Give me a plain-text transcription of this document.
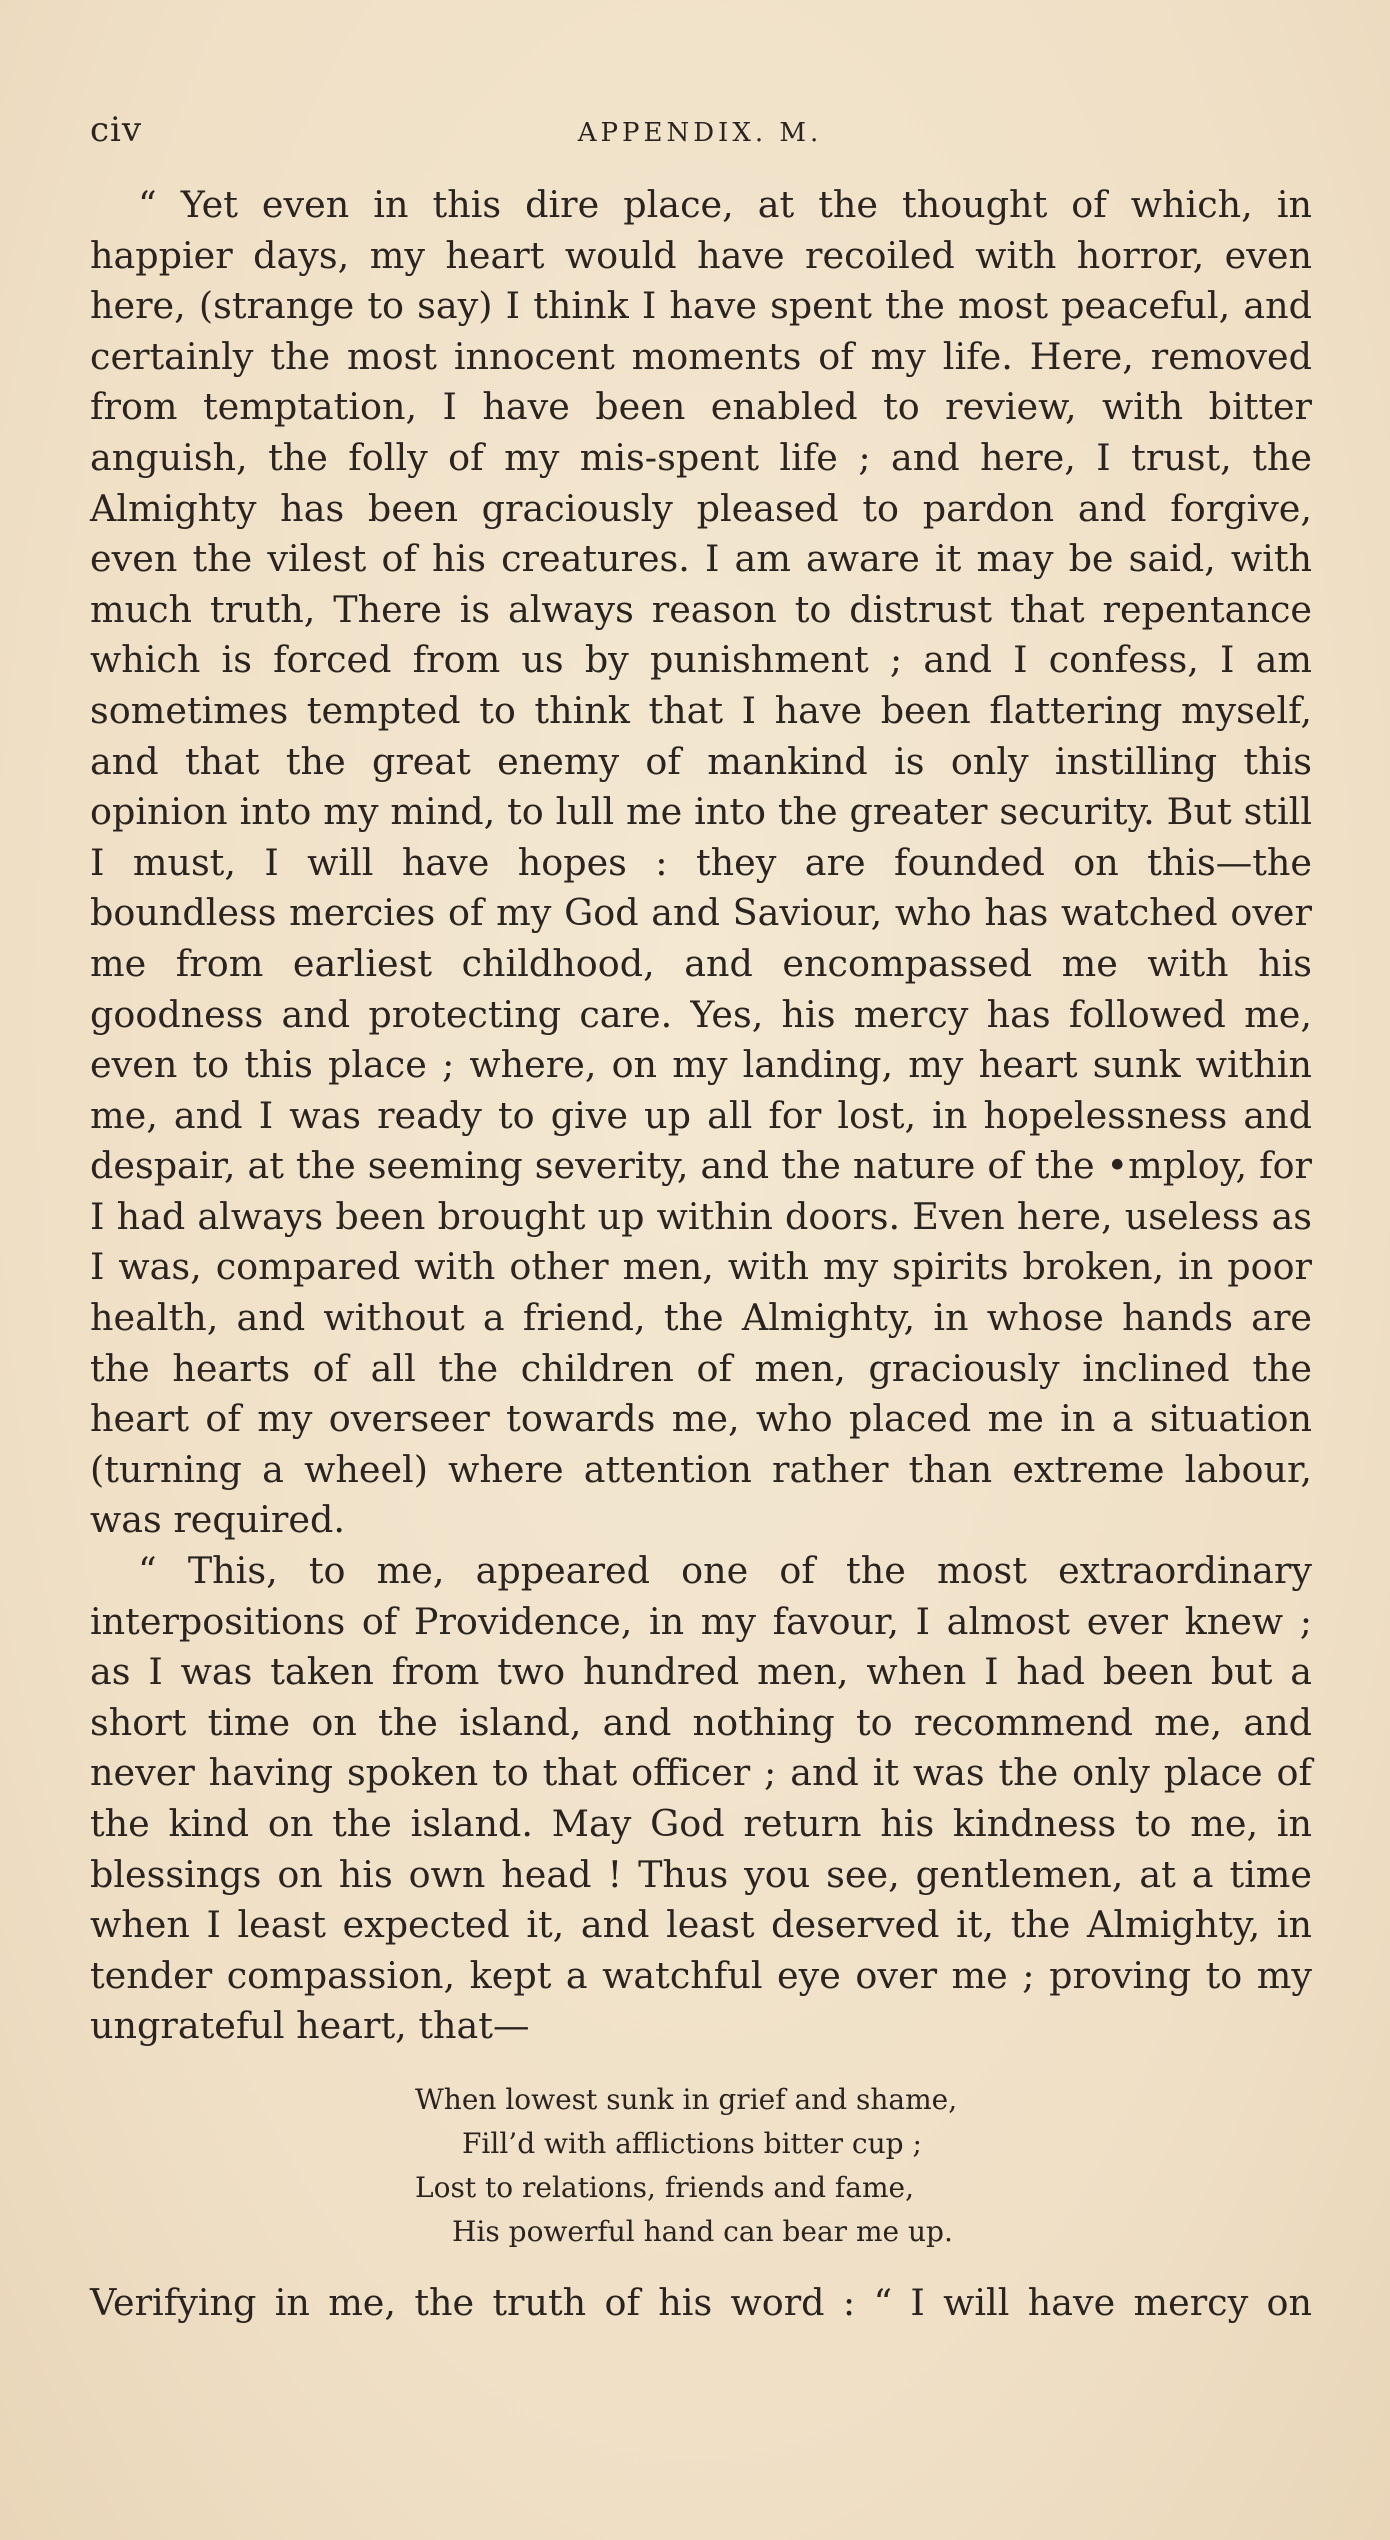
civ	APPENDIX. M.

“ Yet even in this dire place, at the thought of which, in happier days, my heart would have recoiled with horror, even here, (strange to say) I think I have spent the most peaceful, and certainly the most innocent moments of my life. Here, removed from temptation, I have been enabled to review, with bitter anguish, the folly of my mis-spent life ; and here, I trust, the Almighty has been graciously pleased to pardon and forgive, even the vilest of his creatures. I am aware it may be said, with much truth, There is always reason to distrust that repentance which is forced from us by punishment ; and I confess, I am sometimes tempted to think that I have been flattering myself, and that the great enemy of mankind is only instilling this opinion into my mind, to lull me into the greater security. But still I must, I will have hopes : they are founded on this—the boundless mercies of my God and Saviour, who has watched over me from earliest childhood, and encompassed me with his goodness and protecting care. Yes, his mercy has followed me, even to this place ; where, on my landing, my heart sunk within me, and I was ready to give up all for lost, in hopelessness and despair, at the seeming severity, and the nature of the •mploy, for I had always been brought up within doors. Even here, useless as I was, compared with other men, with my spirits broken, in poor health, and without a friend, the Almighty, in whose hands are the hearts of all the children of men, graciously inclined the heart of my overseer towards me, who placed me in a situation (turning a wheel) where attention rather than extreme labour, was required.

“ This, to me, appeared one of the most extraordinary interpositions of Providence, in my favour, I almost ever knew ; as I was taken from two hundred men, when I had been but a short time on the island, and nothing to recommend me, and never having spoken to that officer ; and it was the only place of the kind on the island. May God return his kindness to me, in blessings on his own head ! Thus you see, gentlemen, at a time when I least expected it, and least deserved it, the Almighty, in tender compassion, kept a watchful eye over me ; proving to my ungrateful heart, that—

When lowest sunk in grief and shame,
Fill’d with afflictions bitter cup ;
Lost to relations, friends and fame,
His powerful hand can bear me up.

Verifying in me, the truth of his word : “ I will have mercy on
